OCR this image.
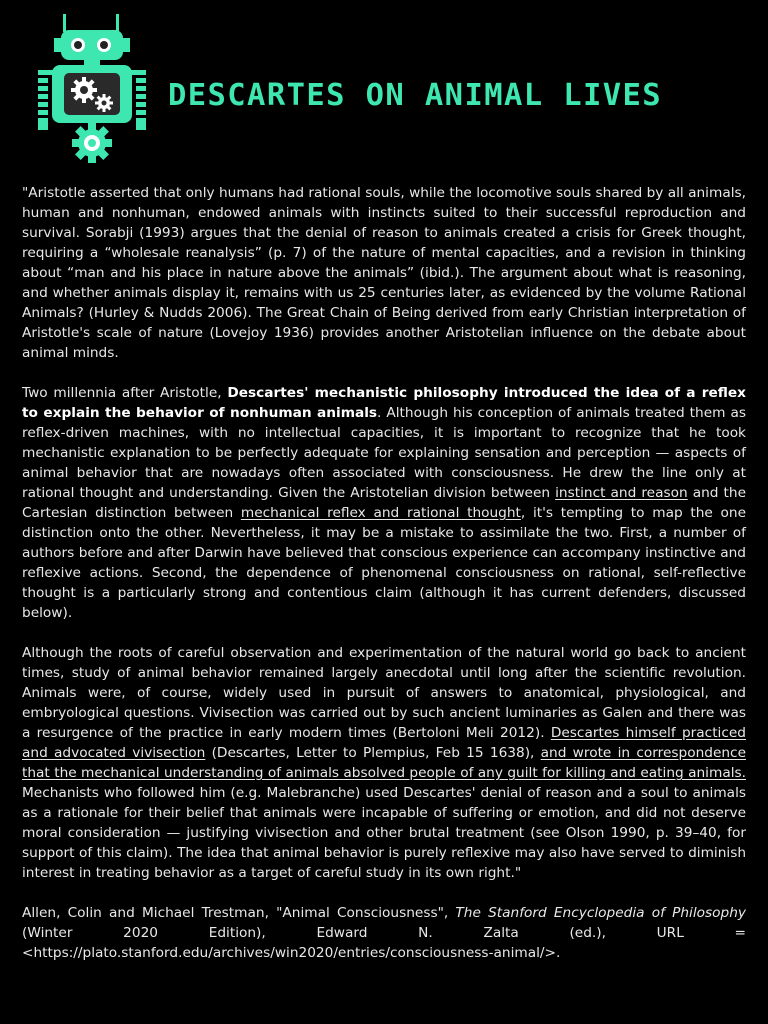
DESCARTES ON ANIMAL LIVES

"Aristotle asserted that only humans had rational souls, while the locomotive souls shared by all animals, human and nonhuman, endowed animals with instincts suited to their successful reproduction and survival. Sorabji (1993) argues that the denial of reason to animals created a crisis for Greek thought, requiring a “wholesale reanalysis” (p. 7) of the nature of mental capacities, and a revision in thinking about “man and his place in nature above the animals” (ibid.). The argument about what is reasoning, and whether animals display it, remains with us 25 centuries later, as evidenced by the volume Rational Animals? (Hurley & Nudds 2006). The Great Chain of Being derived from early Christian interpretation of Aristotle's scale of nature (Lovejoy 1936) provides another Aristotelian influence on the debate about animal minds.

Two millennia after Aristotle, Descartes' mechanistic philosophy introduced the idea of a reflex to explain the behavior of nonhuman animals. Although his conception of animals treated them as reflex-driven machines, with no intellectual capacities, it is important to recognize that he took mechanistic explanation to be perfectly adequate for explaining sensation and perception — aspects of animal behavior that are nowadays often associated with consciousness. He drew the line only at rational thought and understanding. Given the Aristotelian division between instinct and reason and the Cartesian distinction between mechanical reflex and rational thought, it's tempting to map the one distinction onto the other. Nevertheless, it may be a mistake to assimilate the two. First, a number of authors before and after Darwin have believed that conscious experience can accompany instinctive and reflexive actions. Second, the dependence of phenomenal consciousness on rational, self-reflective thought is a particularly strong and contentious claim (although it has current defenders, discussed below).

Although the roots of careful observation and experimentation of the natural world go back to ancient times, study of animal behavior remained largely anecdotal until long after the scientific revolution. Animals were, of course, widely used in pursuit of answers to anatomical, physiological, and embryological questions. Vivisection was carried out by such ancient luminaries as Galen and there was a resurgence of the practice in early modern times (Bertoloni Meli 2012). Descartes himself practiced and advocated vivisection (Descartes, Letter to Plempius, Feb 15 1638), and wrote in correspondence that the mechanical understanding of animals absolved people of any guilt for killing and eating animals. Mechanists who followed him (e.g. Malebranche) used Descartes' denial of reason and a soul to animals as a rationale for their belief that animals were incapable of suffering or emotion, and did not deserve moral consideration — justifying vivisection and other brutal treatment (see Olson 1990, p. 39–40, for support of this claim). The idea that animal behavior is purely reflexive may also have served to diminish interest in treating behavior as a target of careful study in its own right."

Allen, Colin and Michael Trestman, "Animal Consciousness", The Stanford Encyclopedia of Philosophy (Winter 2020 Edition), Edward N. Zalta (ed.), URL = <https://plato.stanford.edu/archives/win2020/entries/consciousness-animal/>.
